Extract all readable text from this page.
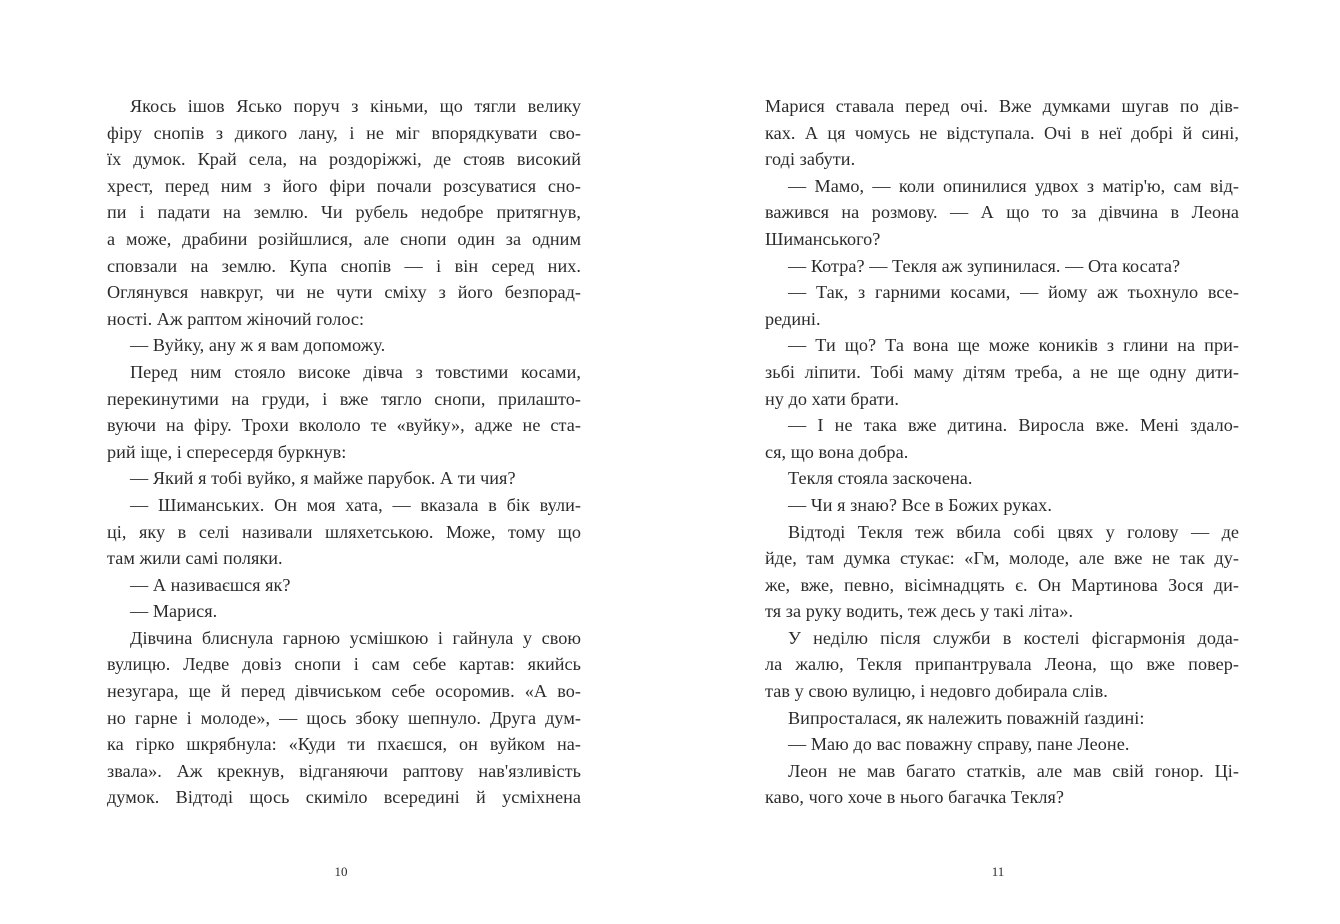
Якось ішов Ясько поруч з кіньми, що тягли велику
фіру снопів з дикого лану, і не міг впорядкувати сво-
їх думок. Край села, на роздоріжжі, де стояв високий
хрест, перед ним з його фіри почали розсуватися сно-
пи і падати на землю. Чи рубель недобре притягнув,
а може, драбини розійшлися, але снопи один за одним
сповзали на землю. Купа снопів — і він серед них.
Оглянувся навкруг, чи не чути сміху з його безпорад-
ності. Аж раптом жіночий голос:
— Вуйку, ану ж я вам допоможу.
Перед ним стояло високе дівча з товстими косами,
перекинутими на груди, і вже тягло снопи, прилашто-
вуючи на фіру. Трохи вкололо те «вуйку», адже не ста-
рий іще, і спересердя буркнув:
— Який я тобі вуйко, я майже парубок. А ти чия?
— Шиманських. Он моя хата, — вказала в бік вули-
ці, яку в селі називали шляхетською. Може, тому що
там жили самі поляки.
— А називаєшся як?
— Марися.
Дівчина блиснула гарною усмішкою і гайнула у свою
вулицю. Ледве довіз снопи і сам себе картав: якийсь
незугара, ще й перед дівчиськом себе осоромив. «А во-
но гарне і молоде», — щось збоку шепнуло. Друга дум-
ка гірко шкрябнула: «Куди ти пхаєшся, он вуйком на-
звала». Аж крекнув, відганяючи раптову нав'язливість
думок. Відтоді щось скиміло всередині й усміхнена
Марися ставала перед очі. Вже думками шугав по дів-
ках. А ця чомусь не відступала. Очі в неї добрі й сині,
годі забути.
— Мамо, — коли опинилися удвох з матір'ю, сам від-
важився на розмову. — А що то за дівчина в Леона
Шиманського?
— Котра? — Текля аж зупинилася. — Ота косата?
— Так, з гарними косами, — йому аж тьохнуло все-
редині.
— Ти що? Та вона ще може коників з глини на при-
зьбі ліпити. Тобі маму дітям треба, а не ще одну дити-
ну до хати брати.
— І не така вже дитина. Виросла вже. Мені здало-
ся, що вона добра.
Текля стояла заскочена.
— Чи я знаю? Все в Божих руках.
Відтоді Текля теж вбила собі цвях у голову — де
йде, там думка стукає: «Гм, молоде, але вже не так ду-
же, вже, певно, вісімнадцять є. Он Мартинова Зося ди-
тя за руку водить, теж десь у такі літа».
У неділю після служби в костелі фісгармонія дода-
ла жалю, Текля припантрувала Леона, що вже повер-
тав у свою вулицю, і недовго добирала слів.
Випросталася, як належить поважній ґаздині:
— Маю до вас поважну справу, пане Леоне.
Леон не мав багато статків, але мав свій гонор. Ці-
каво, чого хоче в нього багачка Текля?
10	11
